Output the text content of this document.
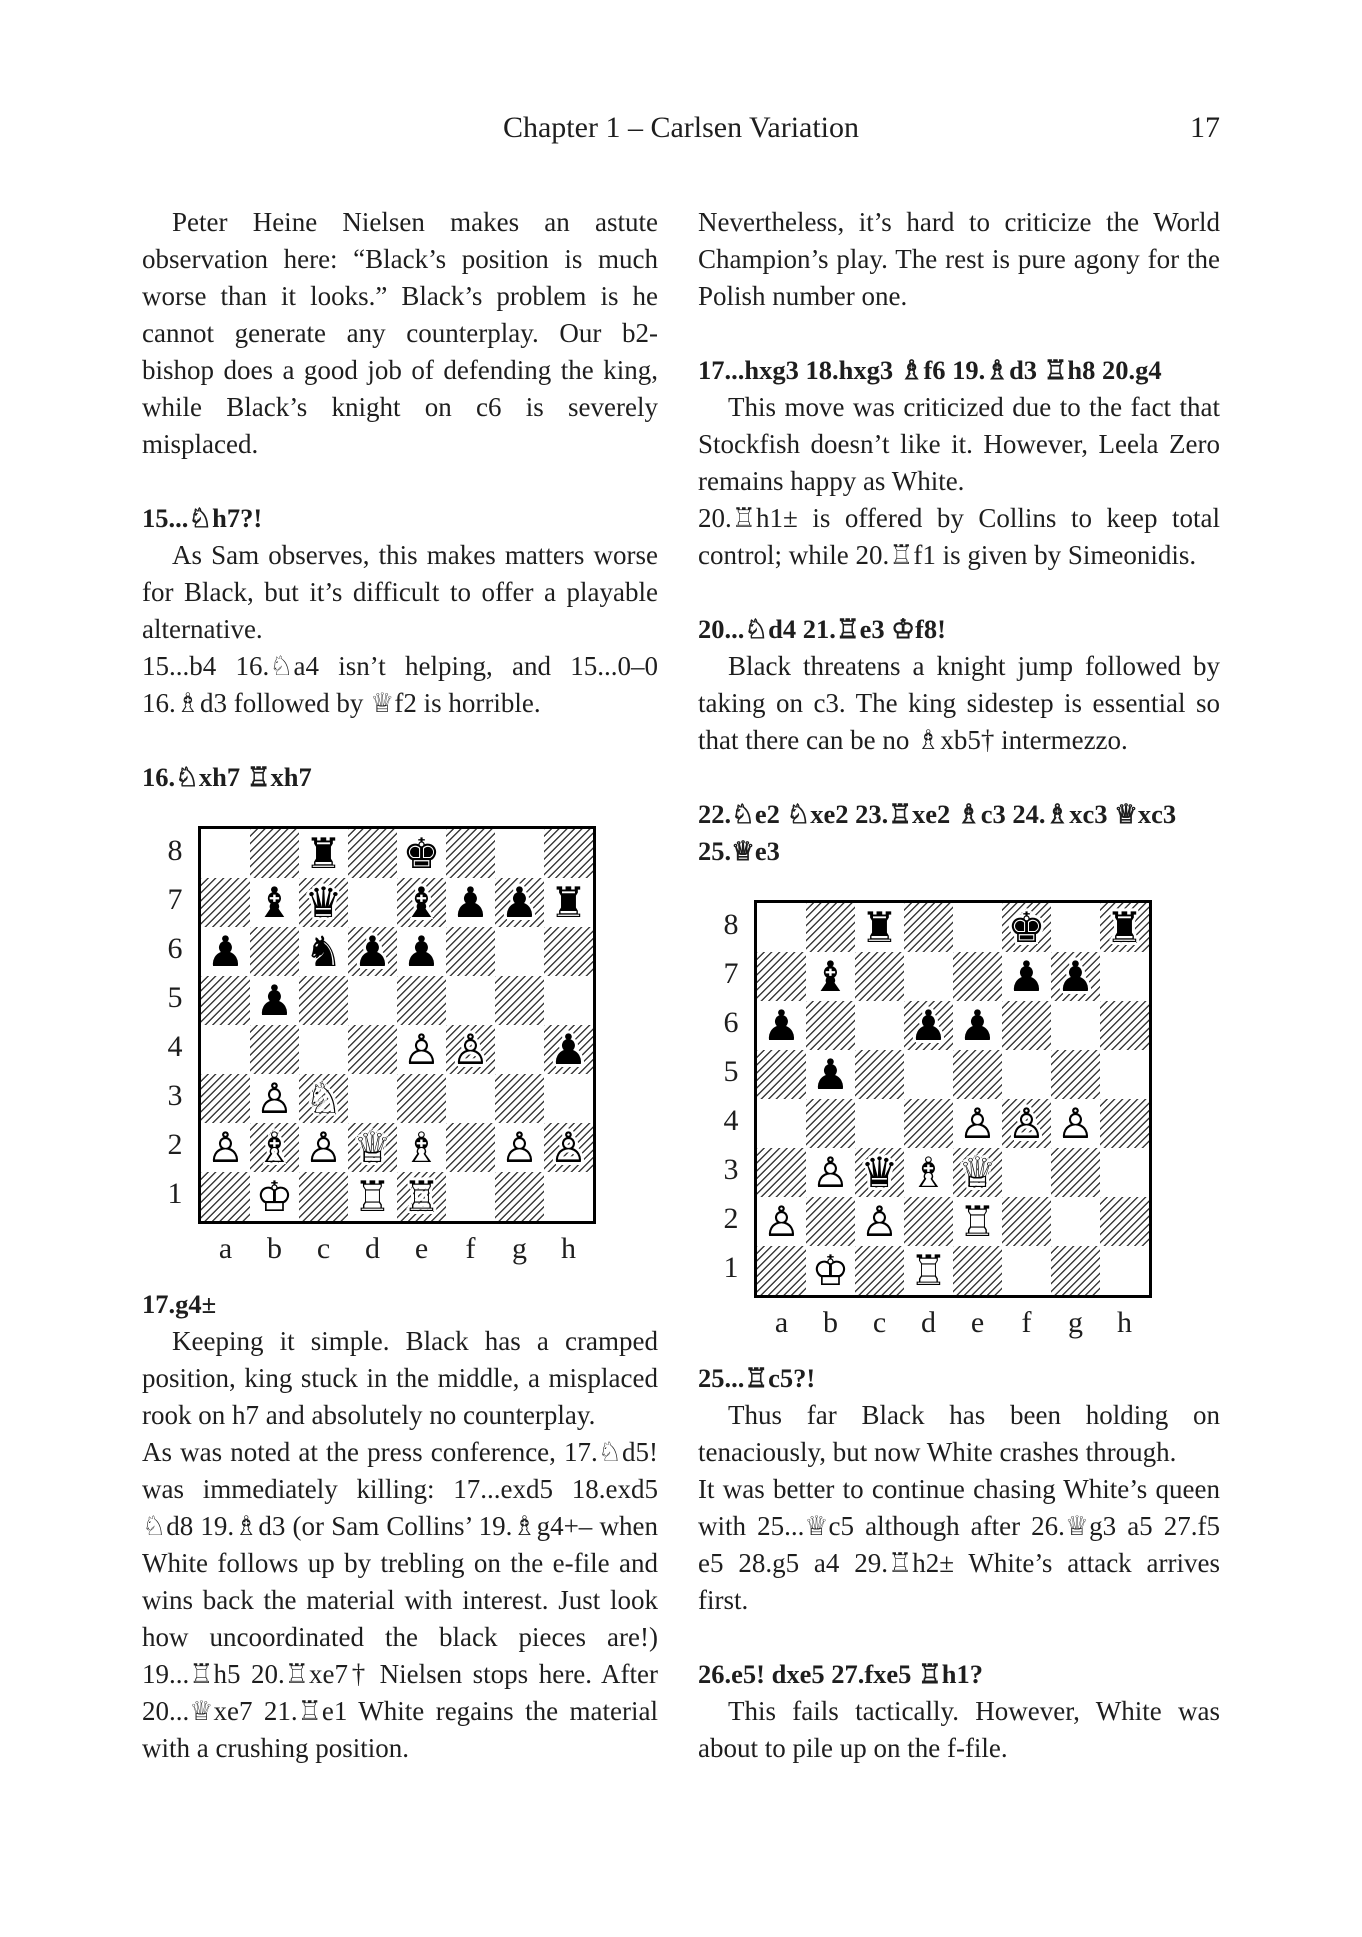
Chapter 1 – Carlsen Variation	17

Peter Heine Nielsen makes an astute observation here: “Black’s position is much worse than it looks.” Black’s problem is he cannot generate any counterplay. Our b2-bishop does a good job of defending the king, while Black’s knight on c6 is severely misplaced.

15...♘h7?!

As Sam observes, this makes matters worse for Black, but it’s difficult to offer a playable alternative.

15...b4 16.♘a4 isn’t helping, and 15...0–0 16.♗d3 followed by ♕f2 is horrible.

16.♘xh7 ♖xh7
8
7
6
5
4
3
2
1
♜ ♚
♝ ♛ ♝ ♟ ♟ ♜
♟ ♞ ♟ ♟
♟
♙ ♙ ♟
♙ ♘
♙ ♗ ♙ ♕ ♗ ♙ ♙
♔ ♖ ♖
a	b	c	d	e	f	g	h
17.g4±

Keeping it simple. Black has a cramped position, king stuck in the middle, a misplaced rook on h7 and absolutely no counterplay.

As was noted at the press conference, 17.♘d5! was immediately killing: 17...exd5 18.exd5 ♘d8 19.♗d3 (or Sam Collins’ 19.♗g4+– when White follows up by trebling on the e-file and wins back the material with interest. Just look how uncoordinated the black pieces are!) 19...♖h5 20.♖xe7† Nielsen stops here. After 20...♕xe7 21.♖e1 White regains the material with a crushing position.

Nevertheless, it’s hard to criticize the World Champion’s play. The rest is pure agony for the Polish number one.

17...hxg3 18.hxg3 ♗f6 19.♗d3 ♖h8 20.g4

This move was criticized due to the fact that Stockfish doesn’t like it. However, Leela Zero remains happy as White.

20.♖h1± is offered by Collins to keep total control; while 20.♖f1 is given by Simeonidis.

20...♘d4 21.♖e3 ♔f8!

Black threatens a knight jump followed by taking on c3. The king sidestep is essential so that there can be no ♗xb5† intermezzo.

22.♘e2 ♘xe2 23.♖xe2 ♗c3 24.♗xc3 ♕xc3 25.♕e3
8
7
6
5
4
3
2
1
♜	♚ ♜
♝	♟ ♟
♟	♟ ♟
♟
♙ ♙ ♙
♙ ♛ ♗ ♕
♙ ♙ ♖
♔ ♖
a	b	c	d	e	f	g	h
25...♖c5?!

Thus far Black has been holding on tenaciously, but now White crashes through.

It was better to continue chasing White’s queen with 25...♕c5 although after 26.♕g3 a5 27.f5 e5 28.g5 a4 29.♖h2± White’s attack arrives first.

26.e5! dxe5 27.fxe5 ♖h1?

This fails tactically. However, White was about to pile up on the f-file.
